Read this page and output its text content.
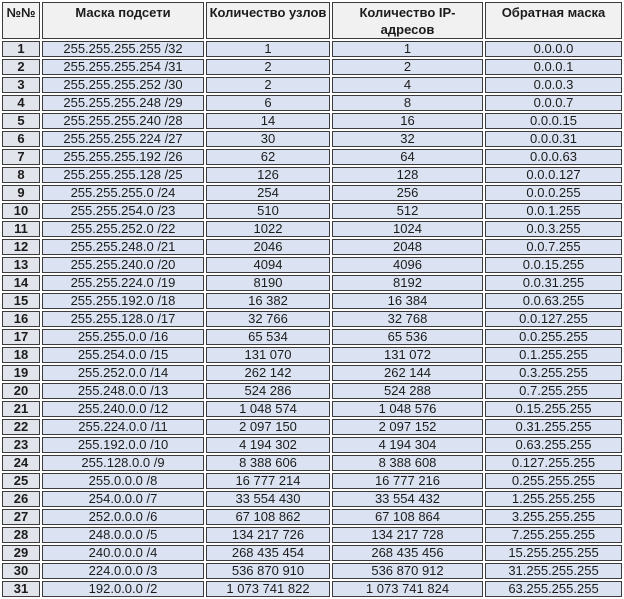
№№	Маска подсети	Количество узлов	Количество IP-адресов	Обратная маска
1	255.255.255.255 /32	1	1	0.0.0.0
2	255.255.255.254 /31	2	2	0.0.0.1
3	255.255.255.252 /30	2	4	0.0.0.3
4	255.255.255.248 /29	6	8	0.0.0.7
5	255.255.255.240 /28	14	16	0.0.0.15
6	255.255.255.224 /27	30	32	0.0.0.31
7	255.255.255.192 /26	62	64	0.0.0.63
8	255.255.255.128 /25	126	128	0.0.0.127
9	255.255.255.0 /24	254	256	0.0.0.255
10	255.255.254.0 /23	510	512	0.0.1.255
11	255.255.252.0 /22	1022	1024	0.0.3.255
12	255.255.248.0 /21	2046	2048	0.0.7.255
13	255.255.240.0 /20	4094	4096	0.0.15.255
14	255.255.224.0 /19	8190	8192	0.0.31.255
15	255.255.192.0 /18	16 382	16 384	0.0.63.255
16	255.255.128.0 /17	32 766	32 768	0.0.127.255
17	255.255.0.0 /16	65 534	65 536	0.0.255.255
18	255.254.0.0 /15	131 070	131 072	0.1.255.255
19	255.252.0.0 /14	262 142	262 144	0.3.255.255
20	255.248.0.0 /13	524 286	524 288	0.7.255.255
21	255.240.0.0 /12	1 048 574	1 048 576	0.15.255.255
22	255.224.0.0 /11	2 097 150	2 097 152	0.31.255.255
23	255.192.0.0 /10	4 194 302	4 194 304	0.63.255.255
24	255.128.0.0 /9	8 388 606	8 388 608	0.127.255.255
25	255.0.0.0 /8	16 777 214	16 777 216	0.255.255.255
26	254.0.0.0 /7	33 554 430	33 554 432	1.255.255.255
27	252.0.0.0 /6	67 108 862	67 108 864	3.255.255.255
28	248.0.0.0 /5	134 217 726	134 217 728	7.255.255.255
29	240.0.0.0 /4	268 435 454	268 435 456	15.255.255.255
30	224.0.0.0 /3	536 870 910	536 870 912	31.255.255.255
31	192.0.0.0 /2	1 073 741 822	1 073 741 824	63.255.255.255
